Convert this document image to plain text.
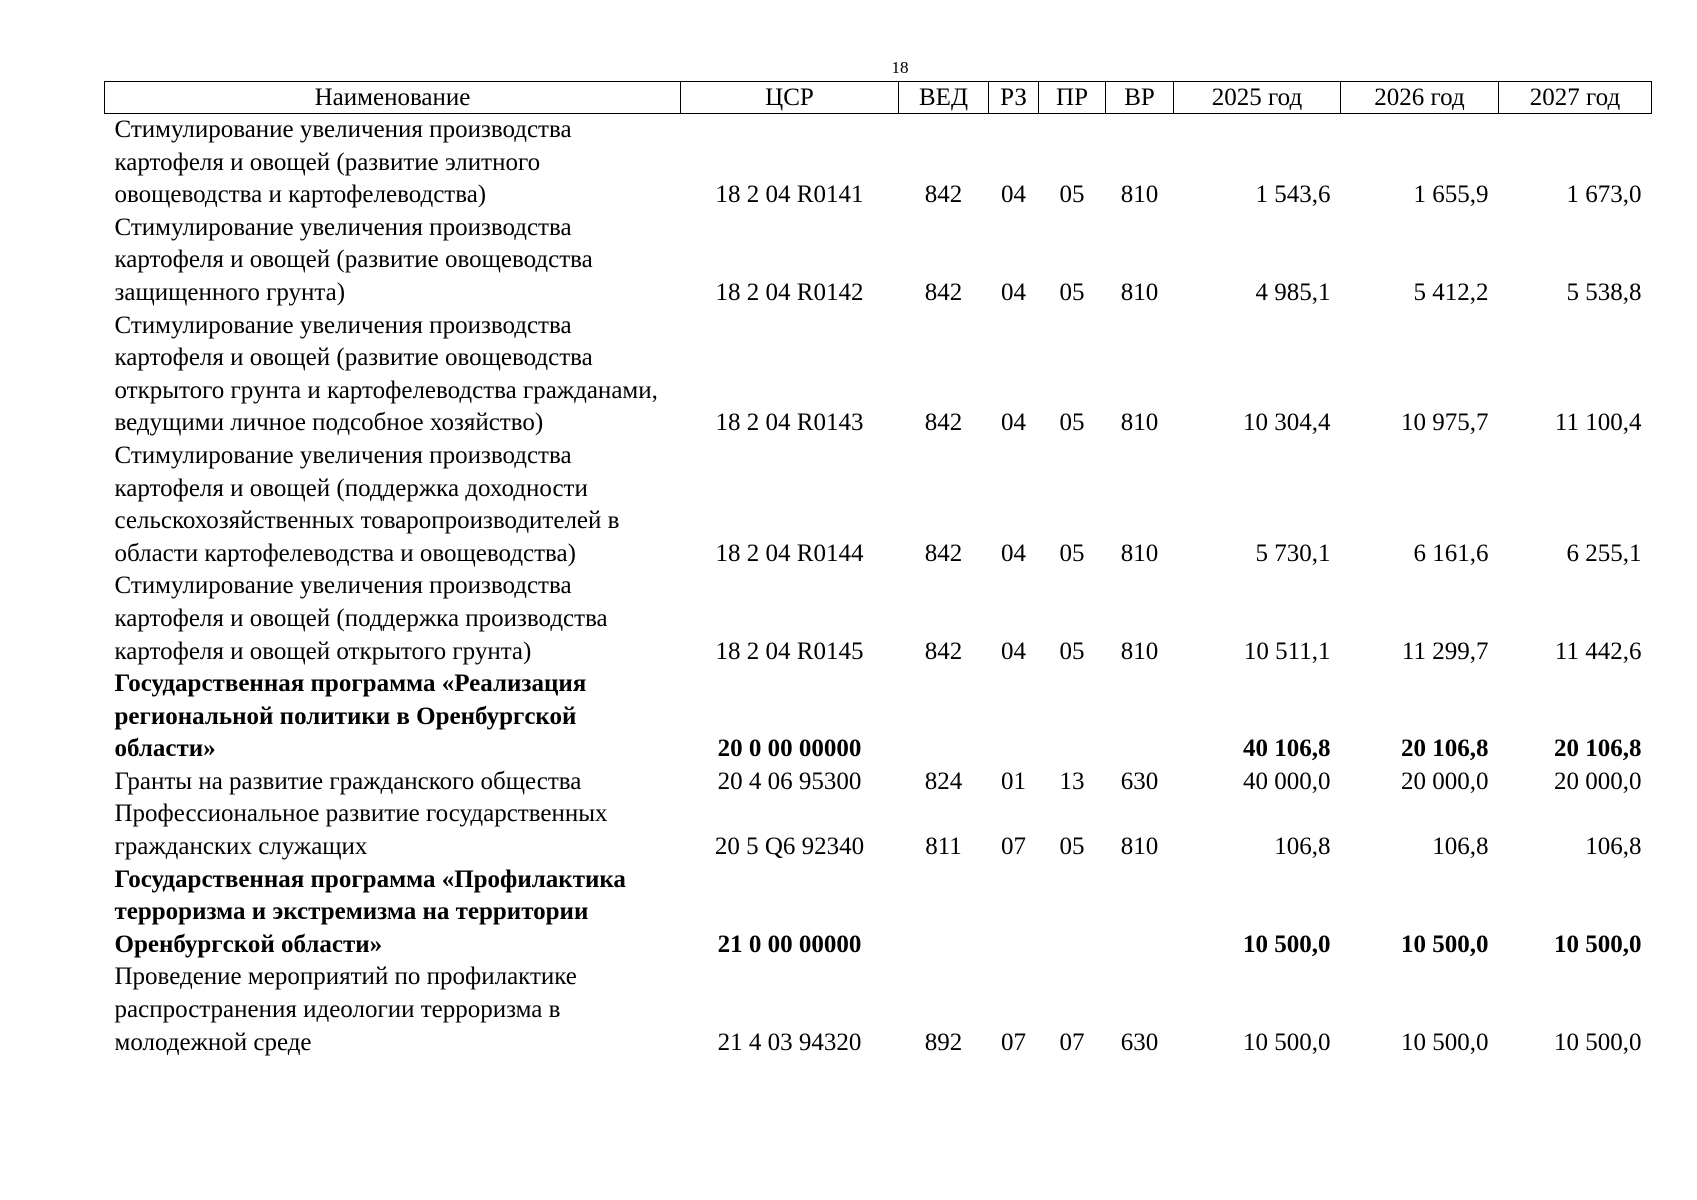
18
Наименование	ЦСР	ВЕД	РЗ	ПР	ВР	2025 год	2026 год	2027 год
Стимулирование увеличения производства картофеля и овощей (развитие элитного овощеводства и картофелеводства)	18 2 04 R0141	842	04	05	810	1 543,6	1 655,9	1 673,0
Стимулирование увеличения производства картофеля и овощей (развитие овощеводства защищенного грунта)	18 2 04 R0142	842	04	05	810	4 985,1	5 412,2	5 538,8
Стимулирование увеличения производства картофеля и овощей (развитие овощеводства открытого грунта и картофелеводства гражданами, ведущими личное подсобное хозяйство)	18 2 04 R0143	842	04	05	810	10 304,4	10 975,7	11 100,4
Стимулирование увеличения производства картофеля и овощей (поддержка доходности сельскохозяйственных товаропроизводителей в области картофелеводства и овощеводства)	18 2 04 R0144	842	04	05	810	5 730,1	6 161,6	6 255,1
Стимулирование увеличения производства картофеля и овощей (поддержка производства картофеля и овощей открытого грунта)	18 2 04 R0145	842	04	05	810	10 511,1	11 299,7	11 442,6
Государственная программа «Реализация региональной политики в Оренбургской области»	20 0 00 00000					40 106,8	20 106,8	20 106,8
Гранты на развитие гражданского общества	20 4 06 95300	824	01	13	630	40 000,0	20 000,0	20 000,0
Профессиональное развитие государственных гражданских служащих	20 5 Q6 92340	811	07	05	810	106,8	106,8	106,8
Государственная программа «Профилактика терроризма и экстремизма на территории Оренбургской области»	21 0 00 00000					10 500,0	10 500,0	10 500,0
Проведение мероприятий по профилактике распространения идеологии терроризма в молодежной среде	21 4 03 94320	892	07	07	630	10 500,0	10 500,0	10 500,0
